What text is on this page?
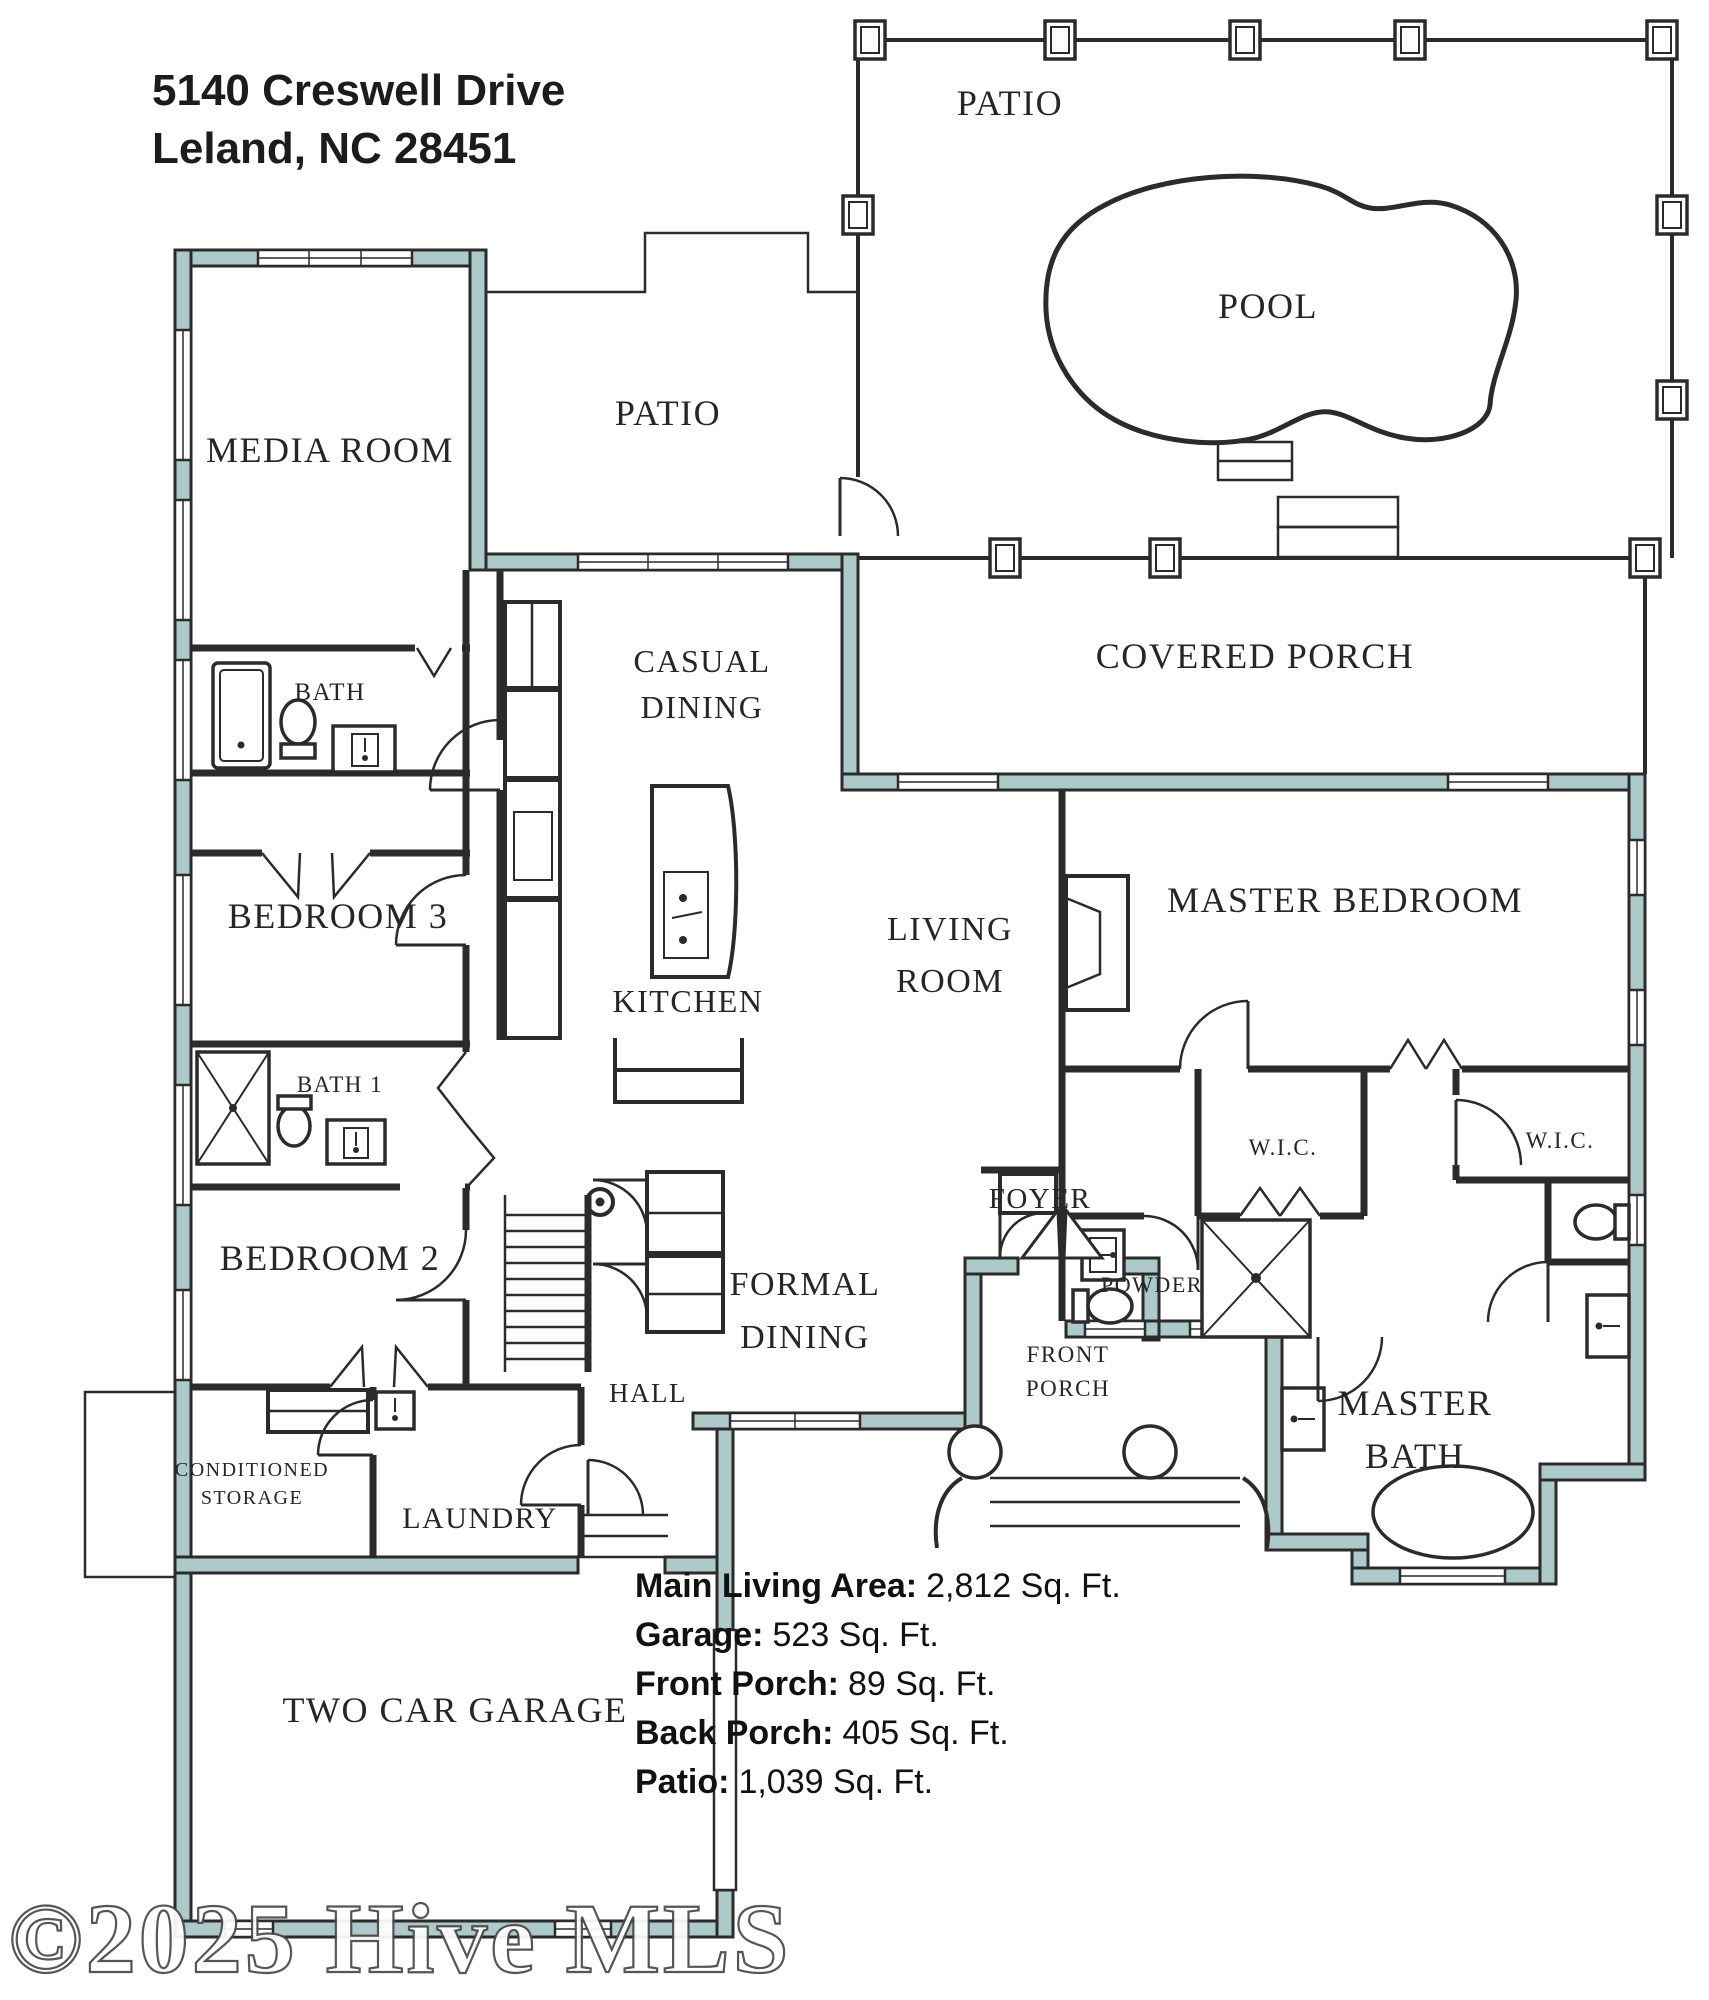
PATIO
POOL
PATIO
MEDIA ROOM
COVERED PORCH
CASUAL
DINING
BATH
BEDROOM 3
KITCHEN
LIVING
ROOM
MASTER BEDROOM
BATH 1
W.I.C.	W.I.C.
BEDROOM 2
FOYER
POWDER
FORMAL
DINING	FRONT
PORCH	MASTER
BATH
HALL
CONDITIONED
STORAGE
LAUNDRY
TWO CAR GARAGE
5140 Creswell Drive
Leland, NC 28451
Main Living Area: 2,812 Sq. Ft.
Garage: 523 Sq. Ft.
Front Porch: 89 Sq. Ft.
Back Porch: 405 Sq. Ft.
Patio: 1,039 Sq. Ft.
©2025 Hive MLS
